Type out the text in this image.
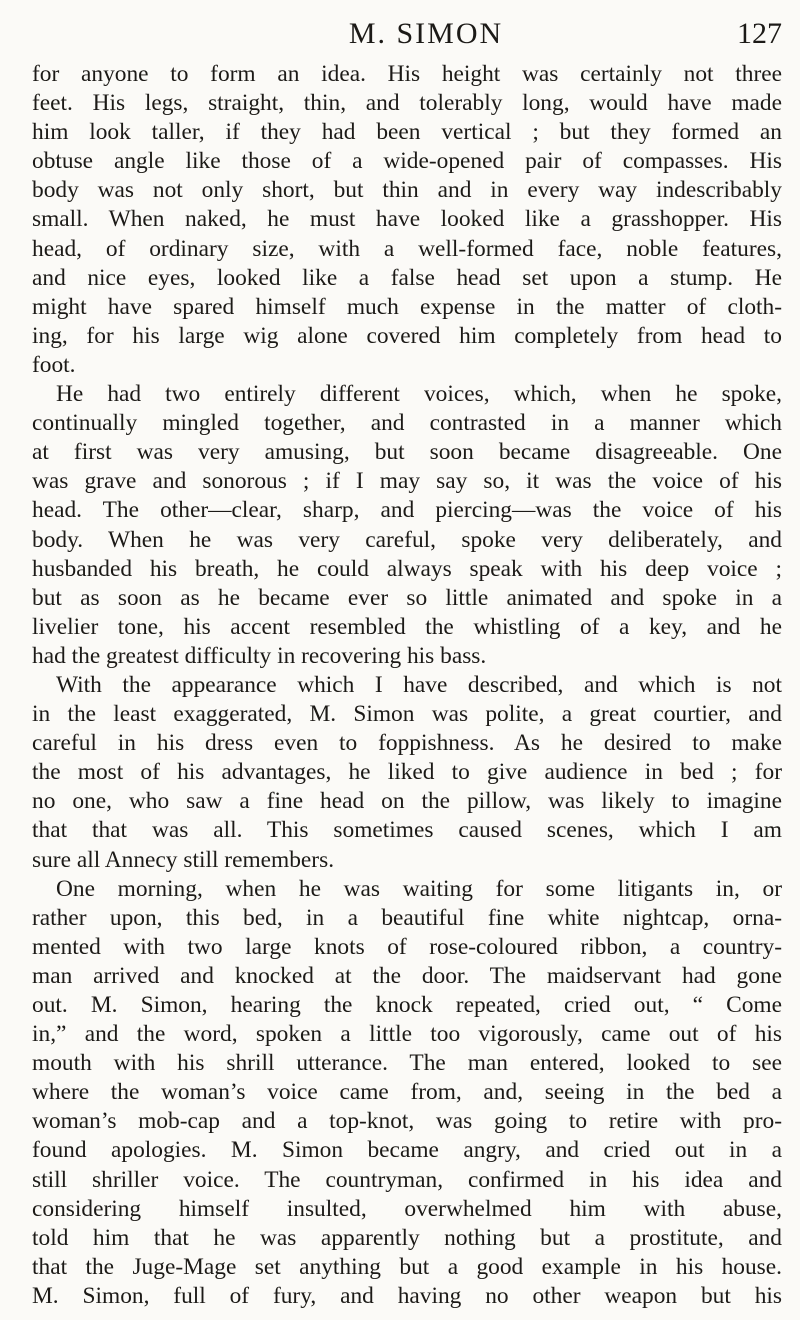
M. SIMON	127
for anyone to form an idea. His height was certainly not three
feet. His legs, straight, thin, and tolerably long, would have made
him look taller, if they had been vertical ; but they formed an
obtuse angle like those of a wide-opened pair of compasses. His
body was not only short, but thin and in every way indescribably
small. When naked, he must have looked like a grasshopper. His
head, of ordinary size, with a well-formed face, noble features,
and nice eyes, looked like a false head set upon a stump. He
might have spared himself much expense in the matter of cloth-
ing, for his large wig alone covered him completely from head to
foot.
He had two entirely different voices, which, when he spoke,
continually mingled together, and contrasted in a manner which
at first was very amusing, but soon became disagreeable. One
was grave and sonorous ; if I may say so, it was the voice of his
head. The other—clear, sharp, and piercing—was the voice of his
body. When he was very careful, spoke very deliberately, and
husbanded his breath, he could always speak with his deep voice ;
but as soon as he became ever so little animated and spoke in a
livelier tone, his accent resembled the whistling of a key, and he
had the greatest difficulty in recovering his bass.
With the appearance which I have described, and which is not
in the least exaggerated, M. Simon was polite, a great courtier, and
careful in his dress even to foppishness. As he desired to make
the most of his advantages, he liked to give audience in bed ; for
no one, who saw a fine head on the pillow, was likely to imagine
that that was all. This sometimes caused scenes, which I am
sure all Annecy still remembers.
One morning, when he was waiting for some litigants in, or
rather upon, this bed, in a beautiful fine white nightcap, orna-
mented with two large knots of rose-coloured ribbon, a country-
man arrived and knocked at the door. The maidservant had gone
out. M. Simon, hearing the knock repeated, cried out, “ Come
in,” and the word, spoken a little too vigorously, came out of his
mouth with his shrill utterance. The man entered, looked to see
where the woman’s voice came from, and, seeing in the bed a
woman’s mob-cap and a top-knot, was going to retire with pro-
found apologies. M. Simon became angry, and cried out in a
still shriller voice. The countryman, confirmed in his idea and
considering himself insulted, overwhelmed him with abuse,
told him that he was apparently nothing but a prostitute, and
that the Juge-Mage set anything but a good example in his house.
M. Simon, full of fury, and having no other weapon but his
